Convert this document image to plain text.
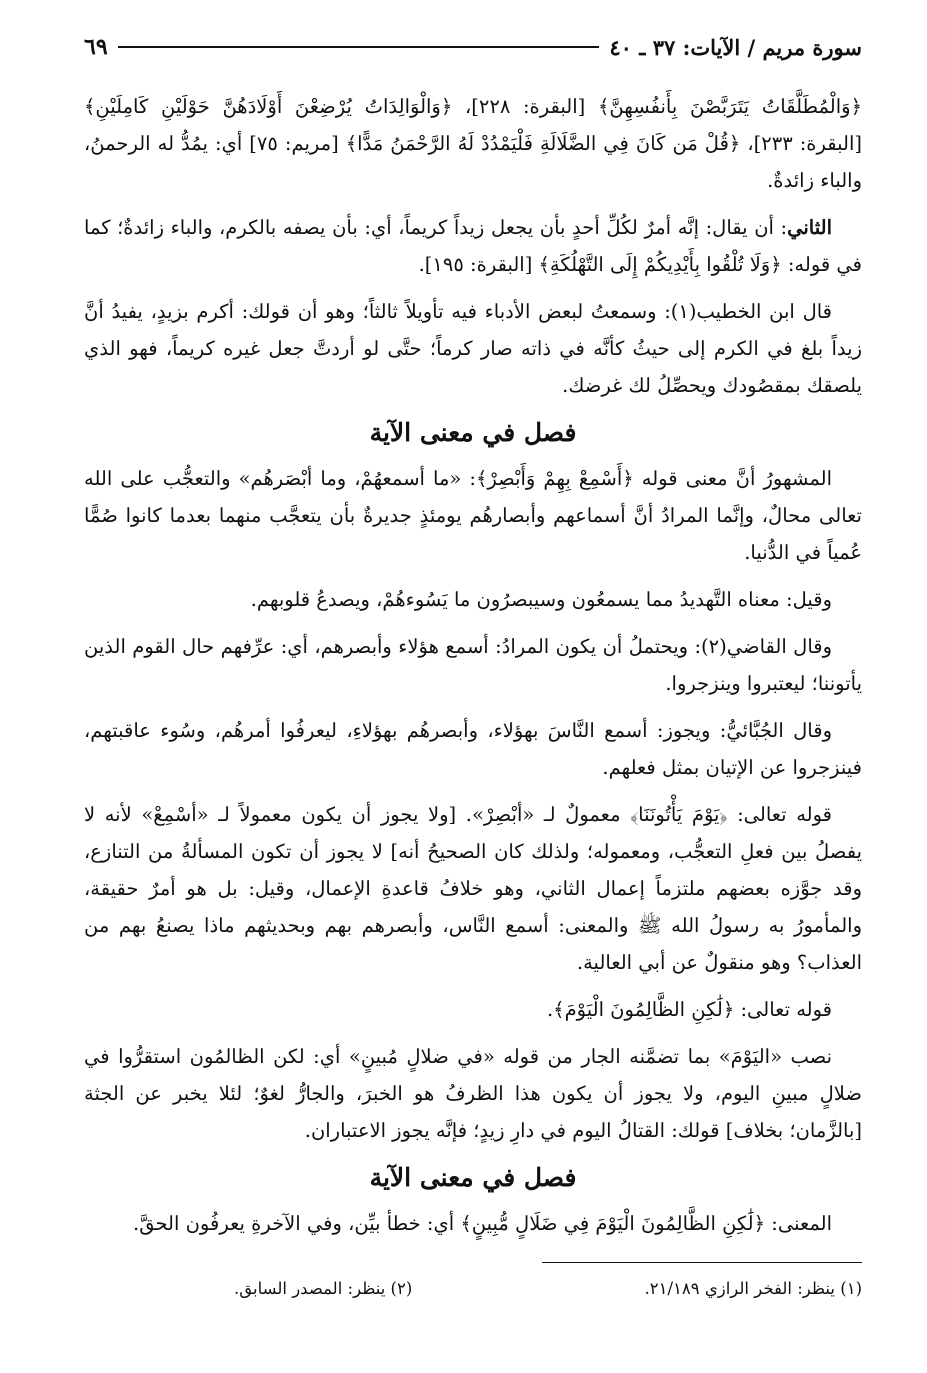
سورة مريم / الآيات: ٣٧ ـ ٤٠
٦٩

﴿وَالْمُطَلَّقَاتُ يَتَرَبَّصْنَ بِأَنفُسِهِنَّ﴾ [البقرة: ٢٢٨]، ﴿وَالْوَالِدَاتُ يُرْضِعْنَ أَوْلَادَهُنَّ حَوْلَيْنِ كَامِلَيْنِ﴾ [البقرة: ٢٣٣]، ﴿قُلْ مَن كَانَ فِي الضَّلَالَةِ فَلْيَمْدُدْ لَهُ الرَّحْمَنُ مَدًّا﴾ [مريم: ٧٥] أي: يمُدُّ له الرحمنُ، والباء زائدةٌ.

الثاني: أن يقال: إنَّه أمرٌ لكُلِّ أحدٍ بأن يجعل زيداً كريماً، أي: بأن يصفه بالكرم، والباء زائدةٌ؛ كما في قوله: ﴿وَلَا تُلْقُوا بِأَيْدِيكُمْ إِلَى التَّهْلُكَةِ﴾ [البقرة: ١٩٥].

قال ابن الخطيب(١): وسمعتُ لبعض الأدباء فيه تأويلاً ثالثاً؛ وهو أن قولك: أكرم بزيدٍ، يفيدُ أنَّ زيداً بلغ في الكرم إلى حيثُ كأنَّه في ذاته صار كرماً؛ حتَّى لو أردتَّ جعل غيره كريماً، فهو الذي يلصقك بمقصُودك ويحصِّلُ لك غرضك.

فصل في معنى الآية

المشهورُ أنَّ معنى قوله ﴿أَسْمِعْ بِهِمْ وَأَبْصِرْ﴾: «ما أسمعهُمْ، وما أبْصَرهُم» والتعجُّب على الله تعالى محالٌ، وإنَّما المرادُ أنَّ أسماعهم وأبصارهُم يومئذٍ جديرةٌ بأن يتعجَّب منهما بعدما كانوا صُمًّا عُمياً في الدُّنيا.

وقيل: معناه التَّهديدُ مما يسمعُون وسيبصرُون ما يَسُوءهُمْ، ويصدعُ قلوبهم.

وقال القاضي(٢): ويحتملُ أن يكون المرادُ: أسمع هؤلاء وأبصرهم، أي: عرِّفهم حال القوم الذين يأتوننا؛ ليعتبروا وينزجروا.

وقال الجُبَّائيُّ: ويجوز: أسمع النَّاسَ بهؤلاء، وأبصرهُم بهؤلاءِ، ليعرفُوا أمرهُم، وسُوء عاقبتهم، فينزجروا عن الإتيان بمثل فعلهم.

قوله تعالى: ﴿يَوْمَ يَأْتُونَنَا﴾ معمولٌ لـ «أبْصِرْ». [ولا يجوز أن يكون معمولاً لـ «أسْمِعْ» لأنه لا يفصلُ بين فعلِ التعجُّب، ومعموله؛ ولذلك كان الصحيحُ أنه] لا يجوز أن تكون المسألةُ من التنازع، وقد جوَّزه بعضهم ملتزماً إعمال الثاني، وهو خلافُ قاعدةِ الإعمال، وقيل: بل هو أمرٌ حقيقة، والمأمورُ به رسولُ الله ﷺ والمعنى: أسمع النَّاس، وأبصرهم بهم وبحديثهم ماذا يصنعُ بهم من العذاب؟ وهو منقولٌ عن أبي العالية.

قوله تعالى: ﴿لَٰكِنِ الظَّالِمُونَ الْيَوْمَ﴾.

نصب «اليَوْمَ» بما تضمَّنه الجار من قوله «في ضلالٍ مُبينٍ» أي: لكن الظالمُون استقرُّوا في ضلالٍ مبينِ اليوم، ولا يجوز أن يكون هذا الظرفُ هو الخبرَ، والجارُّ لغوٌ؛ لئلا يخبر عن الجثة [بالزَّمان؛ بخلاف] قولك: القتالُ اليوم في دارِ زيدٍ؛ فإنَّه يجوز الاعتباران.

فصل في معنى الآية

المعنى: ﴿لَٰكِنِ الظَّالِمُونَ الْيَوْمَ فِي ضَلَالٍ مُّبِينٍ﴾ أي: خطأ بيِّن، وفي الآخرةِ يعرفُون الحقَّ.

(١) ينظر: الفخر الرازي ٢١/١٨٩.
(٢) ينظر: المصدر السابق.
